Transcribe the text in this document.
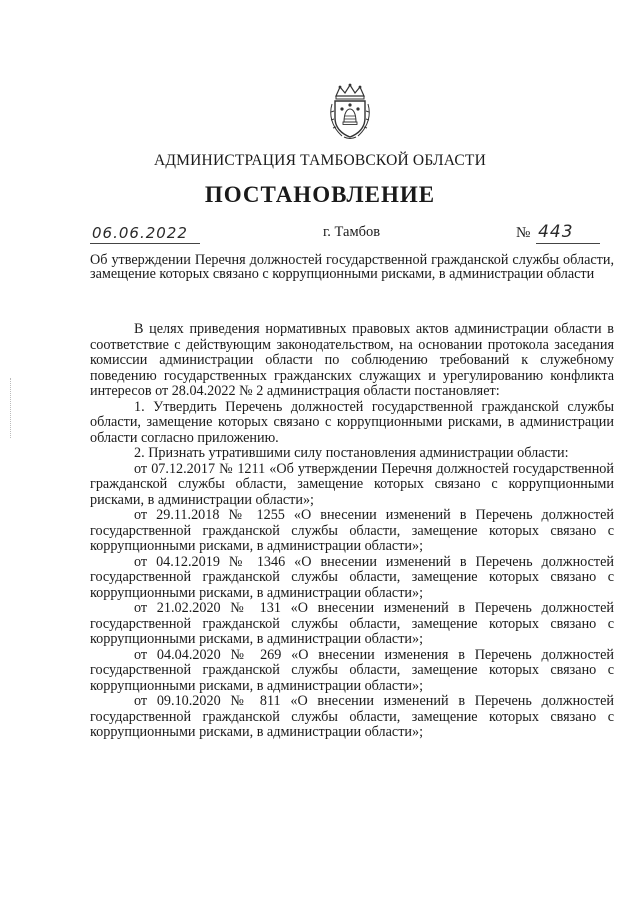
АДМИНИСТРАЦИЯ ТАМБОВСКОЙ ОБЛАСТИ
ПОСТАНОВЛЕНИЕ
06.06.2022	г. Тамбов	№ 443
Об утверждении Перечня должностей государственной гражданской службы области, замещение которых связано с коррупционными рисками, в администрации области

В целях приведения нормативных правовых актов администрации области в соответствие с действующим законодательством, на основании протокола заседания комиссии администрации области по соблюдению требований к служебному поведению государственных гражданских служащих и урегулированию конфликта интересов от 28.04.2022 № 2 администрация области постановляет:

1. Утвердить Перечень должностей государственной гражданской службы области, замещение которых связано с коррупционными рисками, в администрации области согласно приложению.

2. Признать утратившими силу постановления администрации области:

от 07.12.2017 № 1211 «Об утверждении Перечня должностей государственной гражданской службы области, замещение которых связано с коррупционными рисками, в администрации области»;

от 29.11.2018 № 1255 «О внесении изменений в Перечень должностей государственной гражданской службы области, замещение которых связано с коррупционными рисками, в администрации области»;

от 04.12.2019 № 1346 «О внесении изменений в Перечень должностей государственной гражданской службы области, замещение которых связано с коррупционными рисками, в администрации области»;

от 21.02.2020 № 131 «О внесении изменений в Перечень должностей государственной гражданской службы области, замещение которых связано с коррупционными рисками, в администрации области»;

от 04.04.2020 № 269 «О внесении изменения в Перечень должностей государственной гражданской службы области, замещение которых связано с коррупционными рисками, в администрации области»;

от 09.10.2020 № 811 «О внесении изменений в Перечень должностей государственной гражданской службы области, замещение которых связано с коррупционными рисками, в администрации области»;
